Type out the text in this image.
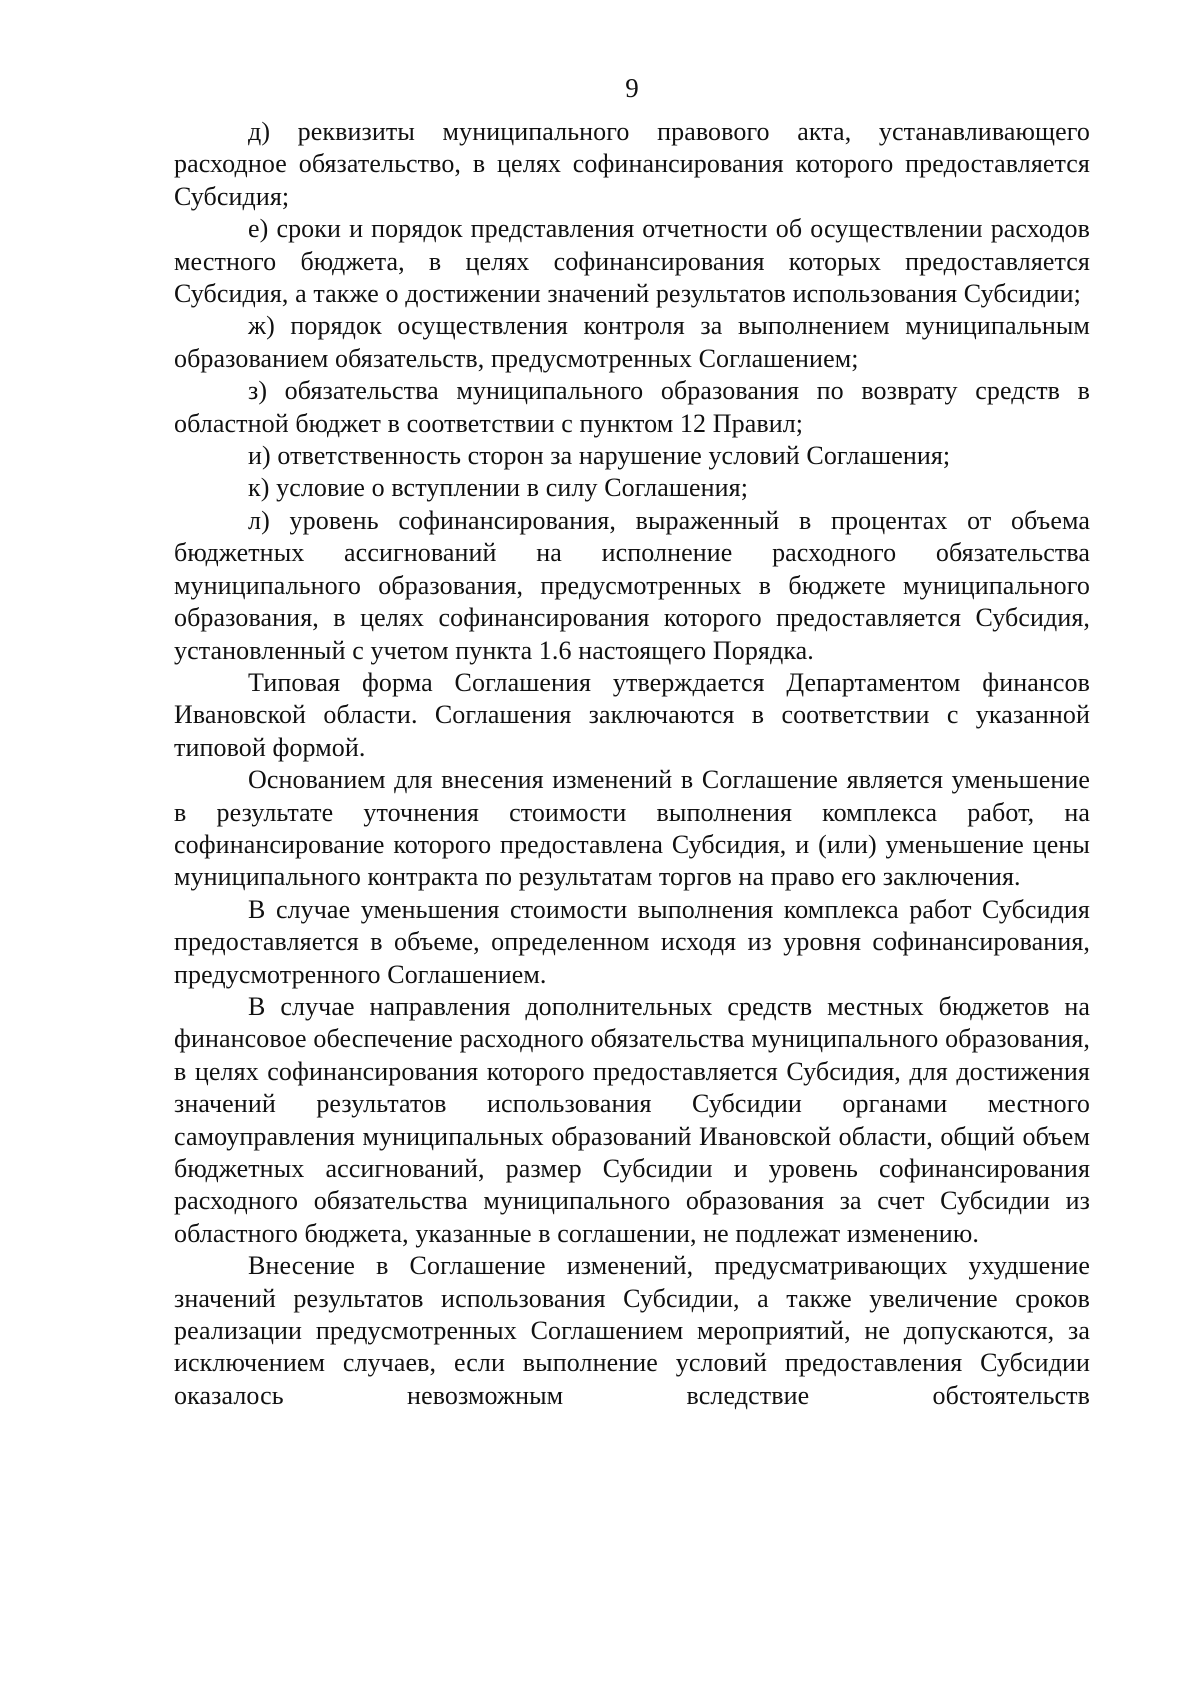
9

д) реквизиты муниципального правового акта, устанавливающего расходное обязательство, в целях софинансирования которого предоставляется Субсидия;

е) сроки и порядок представления отчетности об осуществлении расходов местного бюджета, в целях софинансирования которых предоставляется Субсидия, а также о достижении значений результатов использования Субсидии;

ж) порядок осуществления контроля за выполнением муниципальным образованием обязательств, предусмотренных Соглашением;

з) обязательства муниципального образования по возврату средств в областной бюджет в соответствии с пунктом 12 Правил;

и) ответственность сторон за нарушение условий Соглашения;

к) условие о вступлении в силу Соглашения;

л) уровень софинансирования, выраженный в процентах от объема бюджетных ассигнований на исполнение расходного обязательства муниципального образования, предусмотренных в бюджете муниципального образования, в целях софинансирования которого предоставляется Субсидия, установленный с учетом пункта 1.6 настоящего Порядка.

Типовая форма Соглашения утверждается Департаментом финансов Ивановской области. Соглашения заключаются в соответствии с указанной типовой формой.

Основанием для внесения изменений в Соглашение является уменьшение в результате уточнения стоимости выполнения комплекса работ, на софинансирование которого предоставлена Субсидия, и (или) уменьшение цены муниципального контракта по результатам торгов на право его заключения.

В случае уменьшения стоимости выполнения комплекса работ Субсидия предоставляется в объеме, определенном исходя из уровня софинансирования, предусмотренного Соглашением.

В случае направления дополнительных средств местных бюджетов на финансовое обеспечение расходного обязательства муниципального образования, в целях софинансирования которого предоставляется Субсидия, для достижения значений результатов использования Субсидии органами местного самоуправления муниципальных образований Ивановской области, общий объем бюджетных ассигнований, размер Субсидии и уровень софинансирования расходного обязательства муниципального образования за счет Субсидии из областного бюджета, указанные в соглашении, не подлежат изменению.

Внесение в Соглашение изменений, предусматривающих ухудшение значений результатов использования Субсидии, а также увеличение сроков реализации предусмотренных Соглашением мероприятий, не допускаются, за исключением случаев, если выполнение условий предоставления Субсидии оказалось невозможным вследствие обстоятельств
